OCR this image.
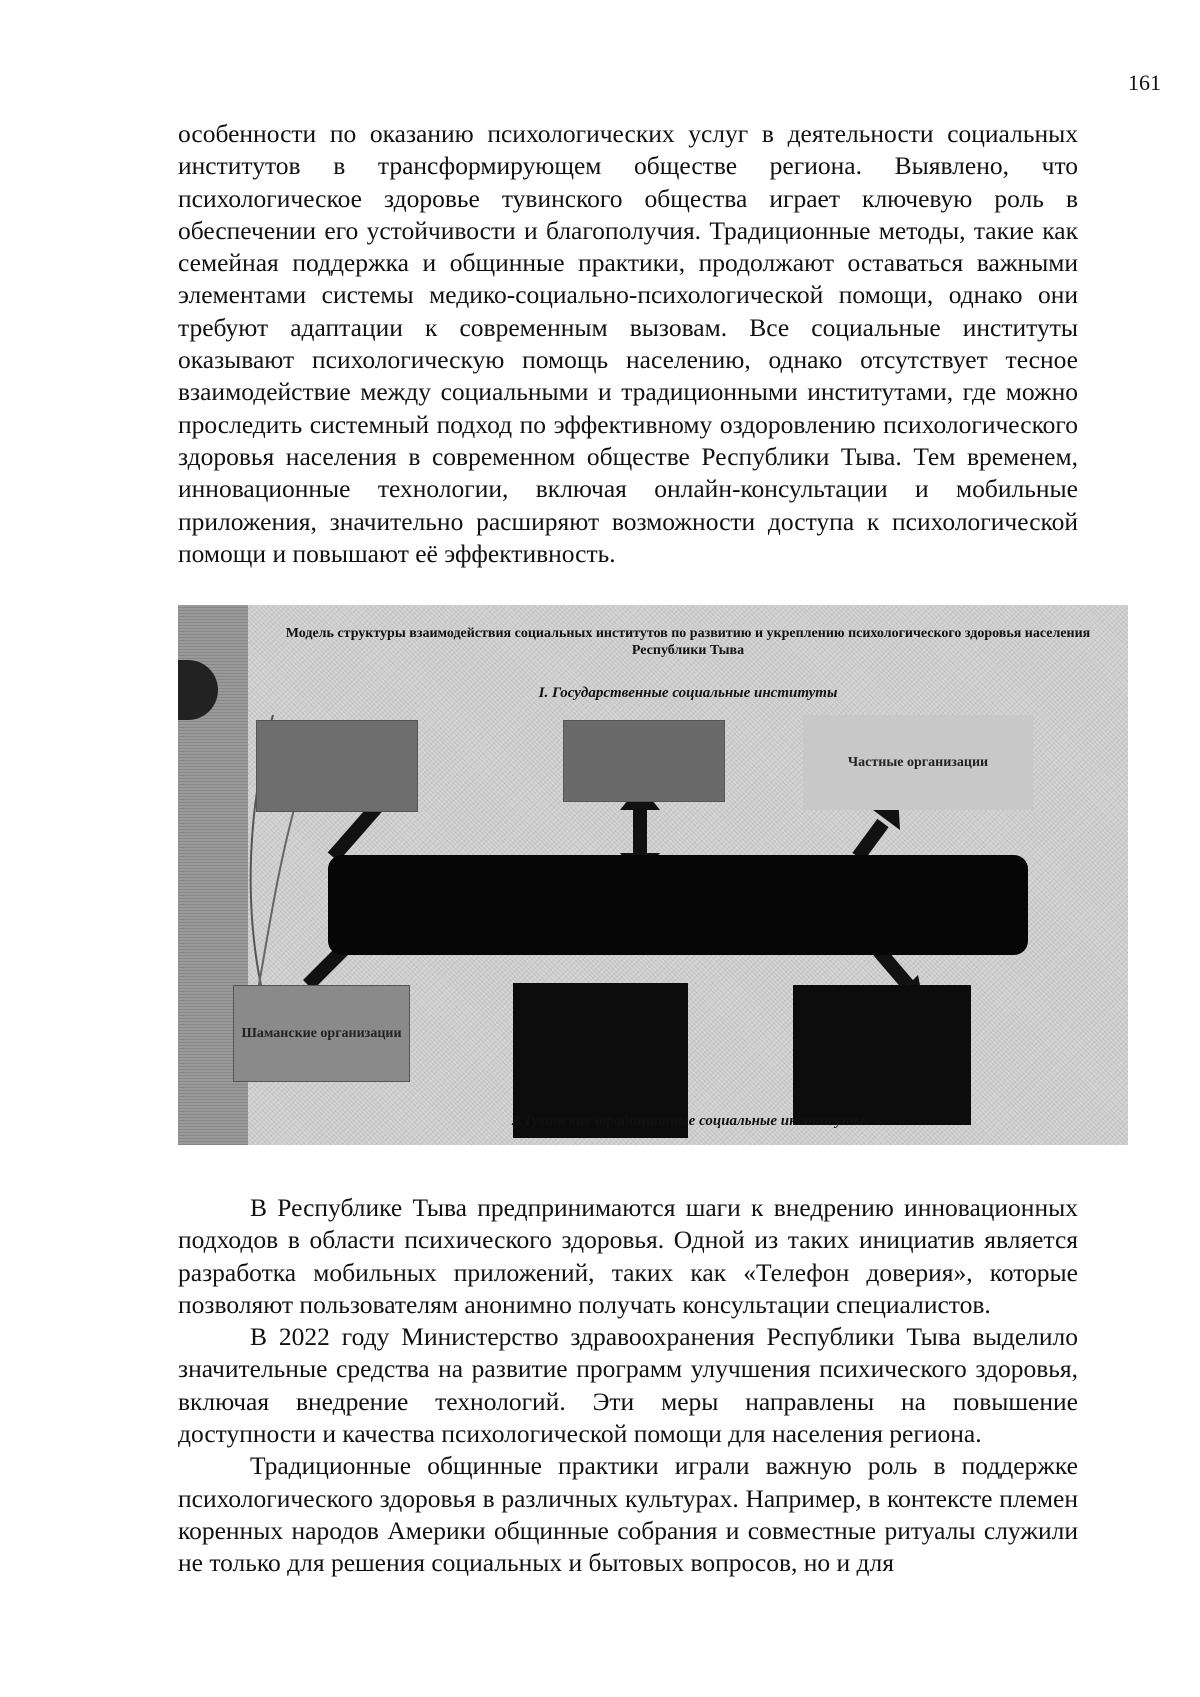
161

особенности по оказанию психологических услуг в деятельности социальных институтов в трансформирующем обществе региона. Выявлено, что психологическое здоровье тувинского общества играет ключевую роль в обеспечении его устойчивости и благополучия. Традиционные методы, такие как семейная поддержка и общинные практики, продолжают оставаться важными элементами системы медико-социально-психологической помощи, однако они требуют адаптации к современным вызовам. Все социальные институты оказывают психологическую помощь населению, однако отсутствует тесное взаимодействие между социальными и традиционными институтами, где можно проследить системный подход по эффективному оздоровлению психологического здоровья населения в современном обществе Республики Тыва. Тем временем, инновационные технологии, включая онлайн-консультации и мобильные приложения, значительно расширяют возможности доступа к психологической помощи и повышают её эффективность.

Модель структуры взаимодействия социальных институтов по развитию и укреплению психологического здоровья населения Республики Тыва
I. Государственные социальные институты
Частные организации
Шаманские организации
2.Тувинские традиционные социальные институты

В Республике Тыва предпринимаются шаги к внедрению инновационных подходов в области психического здоровья. Одной из таких инициатив является разработка мобильных приложений, таких как «Телефон доверия», которые позволяют пользователям анонимно получать консультации специалистов.

В 2022 году Министерство здравоохранения Республики Тыва выделило значительные средства на развитие программ улучшения психического здоровья, включая внедрение технологий. Эти меры направлены на повышение доступности и качества психологической помощи для населения региона.

Традиционные общинные практики играли важную роль в поддержке психологического здоровья в различных культурах. Например, в контексте племен коренных народов Америки общинные собрания и совместные ритуалы служили не только для решения социальных и бытовых вопросов, но и для
